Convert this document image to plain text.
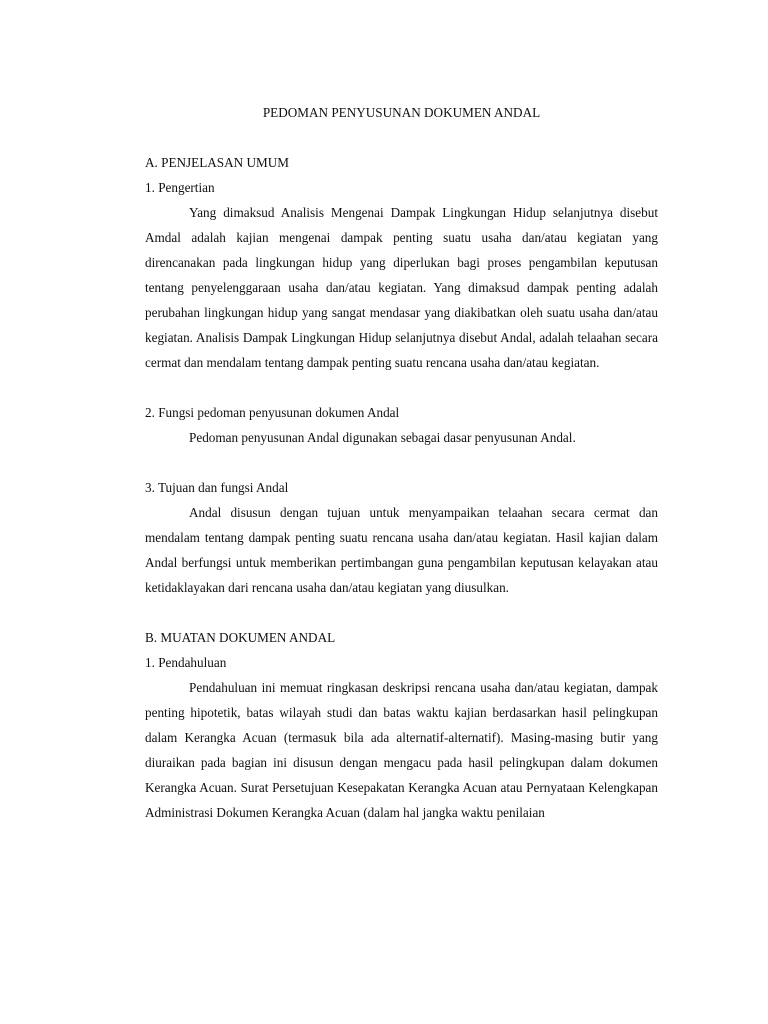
PEDOMAN PENYUSUNAN DOKUMEN ANDAL

A. PENJELASAN UMUM

1. Pengertian

Yang dimaksud Analisis Mengenai Dampak Lingkungan Hidup selanjutnya disebut Amdal adalah kajian mengenai dampak penting suatu usaha dan/atau kegiatan yang direncanakan pada lingkungan hidup yang diperlukan bagi proses pengambilan keputusan tentang penyelenggaraan usaha dan/atau kegiatan. Yang dimaksud dampak penting adalah perubahan lingkungan hidup yang sangat mendasar yang diakibatkan oleh suatu usaha dan/atau kegiatan. Analisis Dampak Lingkungan Hidup selanjutnya disebut Andal, adalah telaahan secara cermat dan mendalam tentang dampak penting suatu rencana usaha dan/atau kegiatan.

2. Fungsi pedoman penyusunan dokumen Andal

Pedoman penyusunan Andal digunakan sebagai dasar penyusunan Andal.

3. Tujuan dan fungsi Andal

Andal disusun dengan tujuan untuk menyampaikan telaahan secara cermat dan mendalam tentang dampak penting suatu rencana usaha dan/atau kegiatan. Hasil kajian dalam Andal berfungsi untuk memberikan pertimbangan guna pengambilan keputusan kelayakan atau ketidaklayakan dari rencana usaha dan/atau kegiatan yang diusulkan.

B. MUATAN DOKUMEN ANDAL

1. Pendahuluan

Pendahuluan ini memuat ringkasan deskripsi rencana usaha dan/atau kegiatan, dampak penting hipotetik, batas wilayah studi dan batas waktu kajian berdasarkan hasil pelingkupan dalam Kerangka Acuan (termasuk bila ada alternatif-alternatif). Masing-masing butir yang diuraikan pada bagian ini disusun dengan mengacu pada hasil pelingkupan dalam dokumen Kerangka Acuan. Surat Persetujuan Kesepakatan Kerangka Acuan atau Pernyataan Kelengkapan Administrasi Dokumen Kerangka Acuan (dalam hal jangka waktu penilaian
